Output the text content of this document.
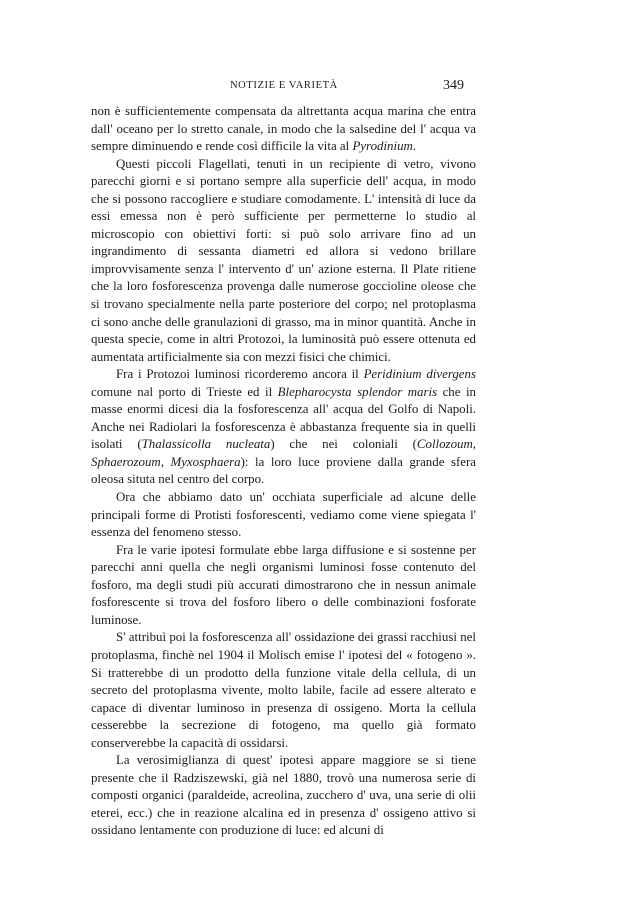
NOTIZIE E VARIETÀ	349

non è sufficientemente compensata da altrettanta acqua marina che entra dall' oceano per lo stretto canale, in modo che la salsedine del l' acqua va sempre diminuendo e rende così difficile la vita al Pyrodinium.

Questi piccoli Flagellati, tenuti in un recipiente di vetro, vivono parecchi giorni e si portano sempre alla superficie dell' acqua, in modo che si possono raccogliere e studiare comodamente. L' intensità di luce da essi emessa non è però sufficiente per permetterne lo studio al microscopio con obiettivi forti: si può solo arrivare fino ad un ingrandimento di sessanta diametri ed allora si vedono brillare improvvisamente senza l' intervento d' un' azione esterna. Il Plate ritiene che la loro fosforescenza provenga dalle numerose goccioline oleose che si trovano specialmente nella parte posteriore del corpo; nel protoplasma ci sono anche delle granulazioni di grasso, ma in minor quantità. Anche in questa specie, come in altri Protozoi, la luminosità può essere ottenuta ed aumentata artificialmente sia con mezzi fisici che chimici.

Fra i Protozoi luminosi ricorderemo ancora il Peridinium divergens comune nal porto di Trieste ed il Blepharocysta splendor maris che in masse enormi dicesi dia la fosforescenza all' acqua del Golfo di Napoli. Anche nei Radiolari la fosforescenza è abbastanza frequente sia in quelli isolati (Thalassicolla nucleata) che nei coloniali (Collozoum, Sphaerozoum, Myxosphaera): la loro luce proviene dalla grande sfera oleosa situta nel centro del corpo.

Ora che abbiamo dato un' occhiata superficiale ad alcune delle principali forme di Protisti fosforescenti, vediamo come viene spiegata l' essenza del fenomeno stesso.

Fra le varie ipotesi formulate ebbe larga diffusione e si sostenne per parecchi anni quella che negli organismi luminosi fosse contenuto del fosforo, ma degli studi più accurati dimostrarono che in nessun animale fosforescente si trova del fosforo libero o delle combinazioni fosforate luminose.

S' attribuì poi la fosforescenza all' ossidazione dei grassi racchiusi nel protoplasma, finchè nel 1904 il Molisch emise l' ipotesi del « fotogeno ». Si tratterebbe di un prodotto della funzione vitale della cellula, di un secreto del protoplasma vivente, molto labile, facile ad essere alterato e capace di diventar luminoso in presenza di ossigeno. Morta la cellula cesserebbe la secrezione di fotogeno, ma quello già formato conserverebbe la capacità di ossidarsi.

La verosimiglianza di quest' ipotesi appare maggiore se si tiene presente che il Radziszewski, già nel 1880, trovò una numerosa serie di composti organici (paraldeide, acreolina, zucchero d' uva, una serie di olii eterei, ecc.) che in reazione alcalina ed in presenza d' ossigeno attivo si ossidano lentamente con produzione di luce: ed alcuni di
